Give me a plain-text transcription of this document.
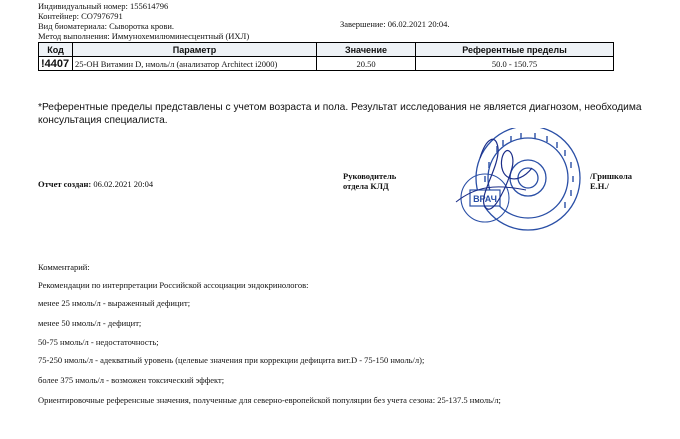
Индивидуальный номер: 155614796
Контейнер: СО7976791
Вид биоматериала: Сыворотка крови.
Метод выполнения: Иммунохемилюминесцентный (ИХЛ)
Завершение: 06.02.2021 20:04.
Код	Параметр	Значение	Референтные пределы
!4407	25-OH Витамин D, нмоль/л (анализатор Architect i2000)	20.50	50.0 - 150.75
*Референтные пределы представлены с учетом возраста и пола. Результат исследования не является диагнозом, необходима консультация специалиста.
Отчет создан: 06.02.2021 20:04
Руководитель
отдела КЛД
ВРАЧ
/Гришкола
Е.Н./
Комментарий:
Рекомендации по интерпретации Российской ассоциации эндокринологов:
менее 25 нмоль/л - выраженный дефицит;
менее 50 нмоль/л - дефицит;
50-75 нмоль/л - недостаточность;
75-250 нмоль/л - адекватный уровень (целевые значения при коррекции дефицита вит.D - 75-150 нмоль/л);
более 375 нмоль/л - возможен токсический эффект;
Ориентировочные референсные значения, полученные для северно-европейской популяции без учета сезона: 25-137.5 нмоль/л;
